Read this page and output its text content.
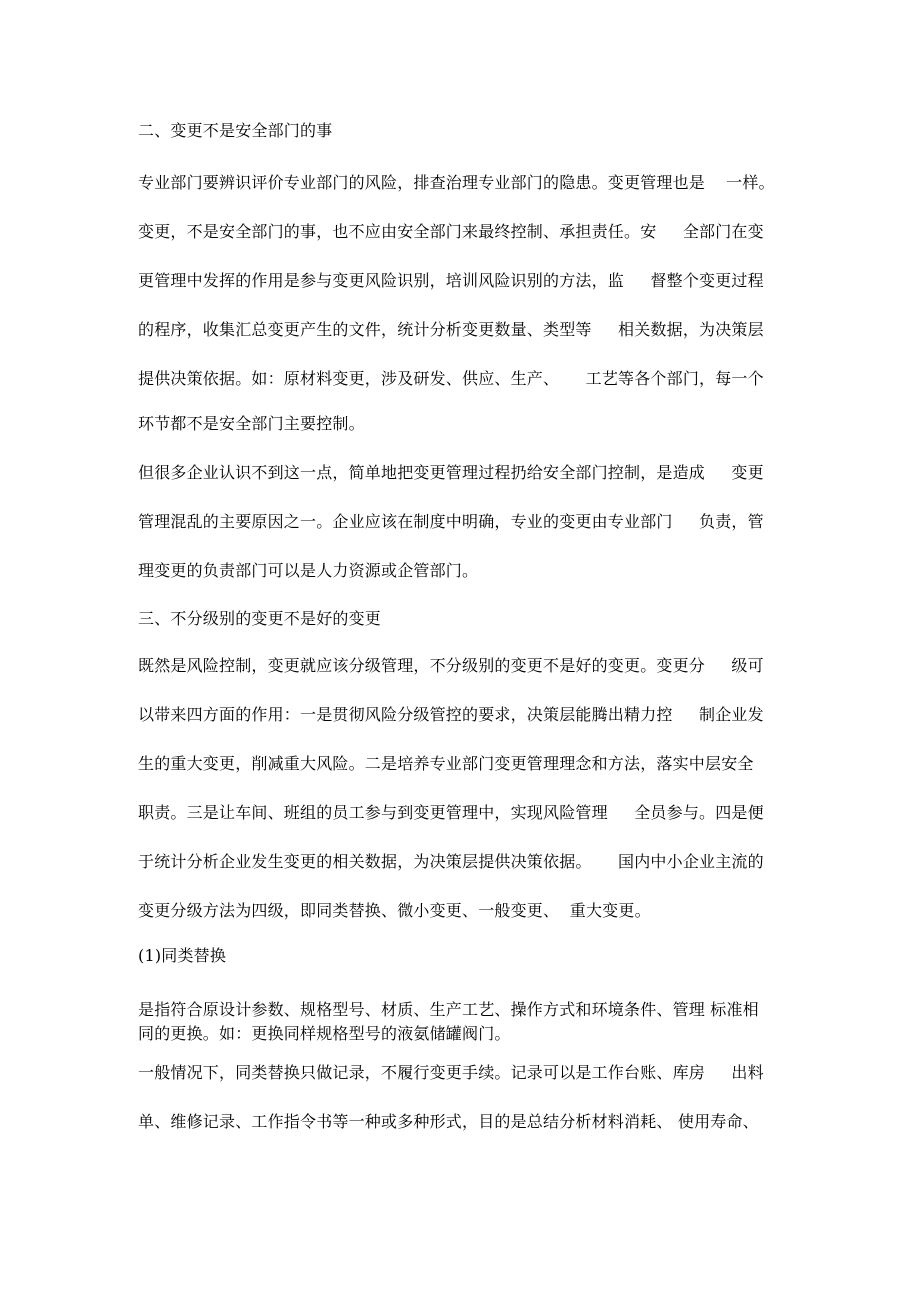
二、变更不是安全部门的事

专业部门要辨识评价专业部门的风险，排查治理专业部门的隐患。变更管理也是    一样。

变更，不是安全部门的事，也不应由安全部门来最终控制、承担责任。安     全部门在变

更管理中发挥的作用是参与变更风险识别，培训风险识别的方法，监     督整个变更过程

的程序，收集汇总变更产生的文件，统计分析变更数量、类型等     相关数据，为决策层

提供决策依据。如：原材料变更，涉及研发、供应、生产、     工艺等各个部门，每一个

环节都不是安全部门主要控制。

但很多企业认识不到这一点，简单地把变更管理过程扔给安全部门控制，是造成     变更

管理混乱的主要原因之一。企业应该在制度中明确，专业的变更由专业部门     负责，管

理变更的负责部门可以是人力资源或企管部门。

三、不分级别的变更不是好的变更

既然是风险控制，变更就应该分级管理，不分级别的变更不是好的变更。变更分     级可

以带来四方面的作用：一是贯彻风险分级管控的要求，决策层能腾出精力控     制企业发

生的重大变更，削减重大风险。二是培养专业部门变更管理理念和方法，落实中层安全

职责。三是让车间、班组的员工参与到变更管理中，实现风险管理     全员参与。四是便

于统计分析企业发生变更的相关数据，为决策层提供决策依据。     国内中小企业主流的

变更分级方法为四级，即同类替换、微小变更、一般变更、  重大变更。

(1)同类替换

是指符合原设计参数、规格型号、材质、生产工艺、操作方式和环境条件、管理 标准相

同的更换。如：更换同样规格型号的液氨储罐阀门。

一般情况下，同类替换只做记录，不履行变更手续。记录可以是工作台账、库房     出料

单、维修记录、工作指令书等一种或多种形式，目的是总结分析材料消耗、 使用寿命、
